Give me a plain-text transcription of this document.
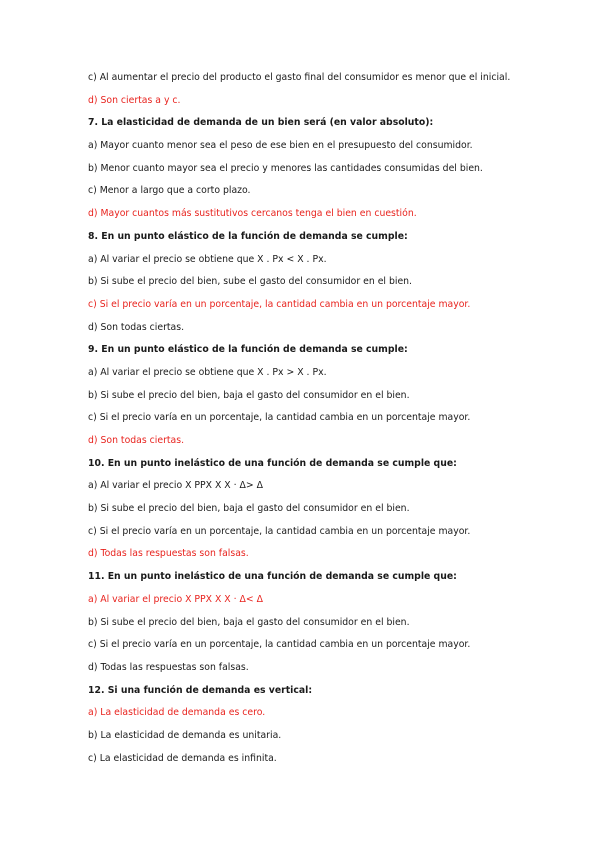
c) Al aumentar el precio del producto el gasto final del consumidor es menor que el inicial.
d) Son ciertas a y c.
7. La elasticidad de demanda de un bien será (en valor absoluto):
a) Mayor cuanto menor sea el peso de ese bien en el presupuesto del consumidor.
b) Menor cuanto mayor sea el precio y menores las cantidades consumidas del bien.
c) Menor a largo que a corto plazo.
d) Mayor cuantos más sustitutivos cercanos tenga el bien en cuestión.
8. En un punto elástico de la función de demanda se cumple:
a) Al variar el precio se obtiene que X . Px < X . Px.
b) Si sube el precio del bien, sube el gasto del consumidor en el bien.
c) Si el precio varía en un porcentaje, la cantidad cambia en un porcentaje mayor.
d) Son todas ciertas.
9. En un punto elástico de la función de demanda se cumple:
a) Al variar el precio se obtiene que X . Px > X . Px.
b) Si sube el precio del bien, baja el gasto del consumidor en el bien.
c) Si el precio varía en un porcentaje, la cantidad cambia en un porcentaje mayor.
d) Son todas ciertas.
10. En un punto inelástico de una función de demanda se cumple que:
a) Al variar el precio X PPX X X · Δ> Δ
b) Si sube el precio del bien, baja el gasto del consumidor en el bien.
c) Si el precio varía en un porcentaje, la cantidad cambia en un porcentaje mayor.
d) Todas las respuestas son falsas.
11. En un punto inelástico de una función de demanda se cumple que:
a) Al variar el precio X PPX X X · Δ< Δ
b) Si sube el precio del bien, baja el gasto del consumidor en el bien.
c) Si el precio varía en un porcentaje, la cantidad cambia en un porcentaje mayor.
d) Todas las respuestas son falsas.
12. Si una función de demanda es vertical:
a) La elasticidad de demanda es cero.
b) La elasticidad de demanda es unitaria.
c) La elasticidad de demanda es infinita.
